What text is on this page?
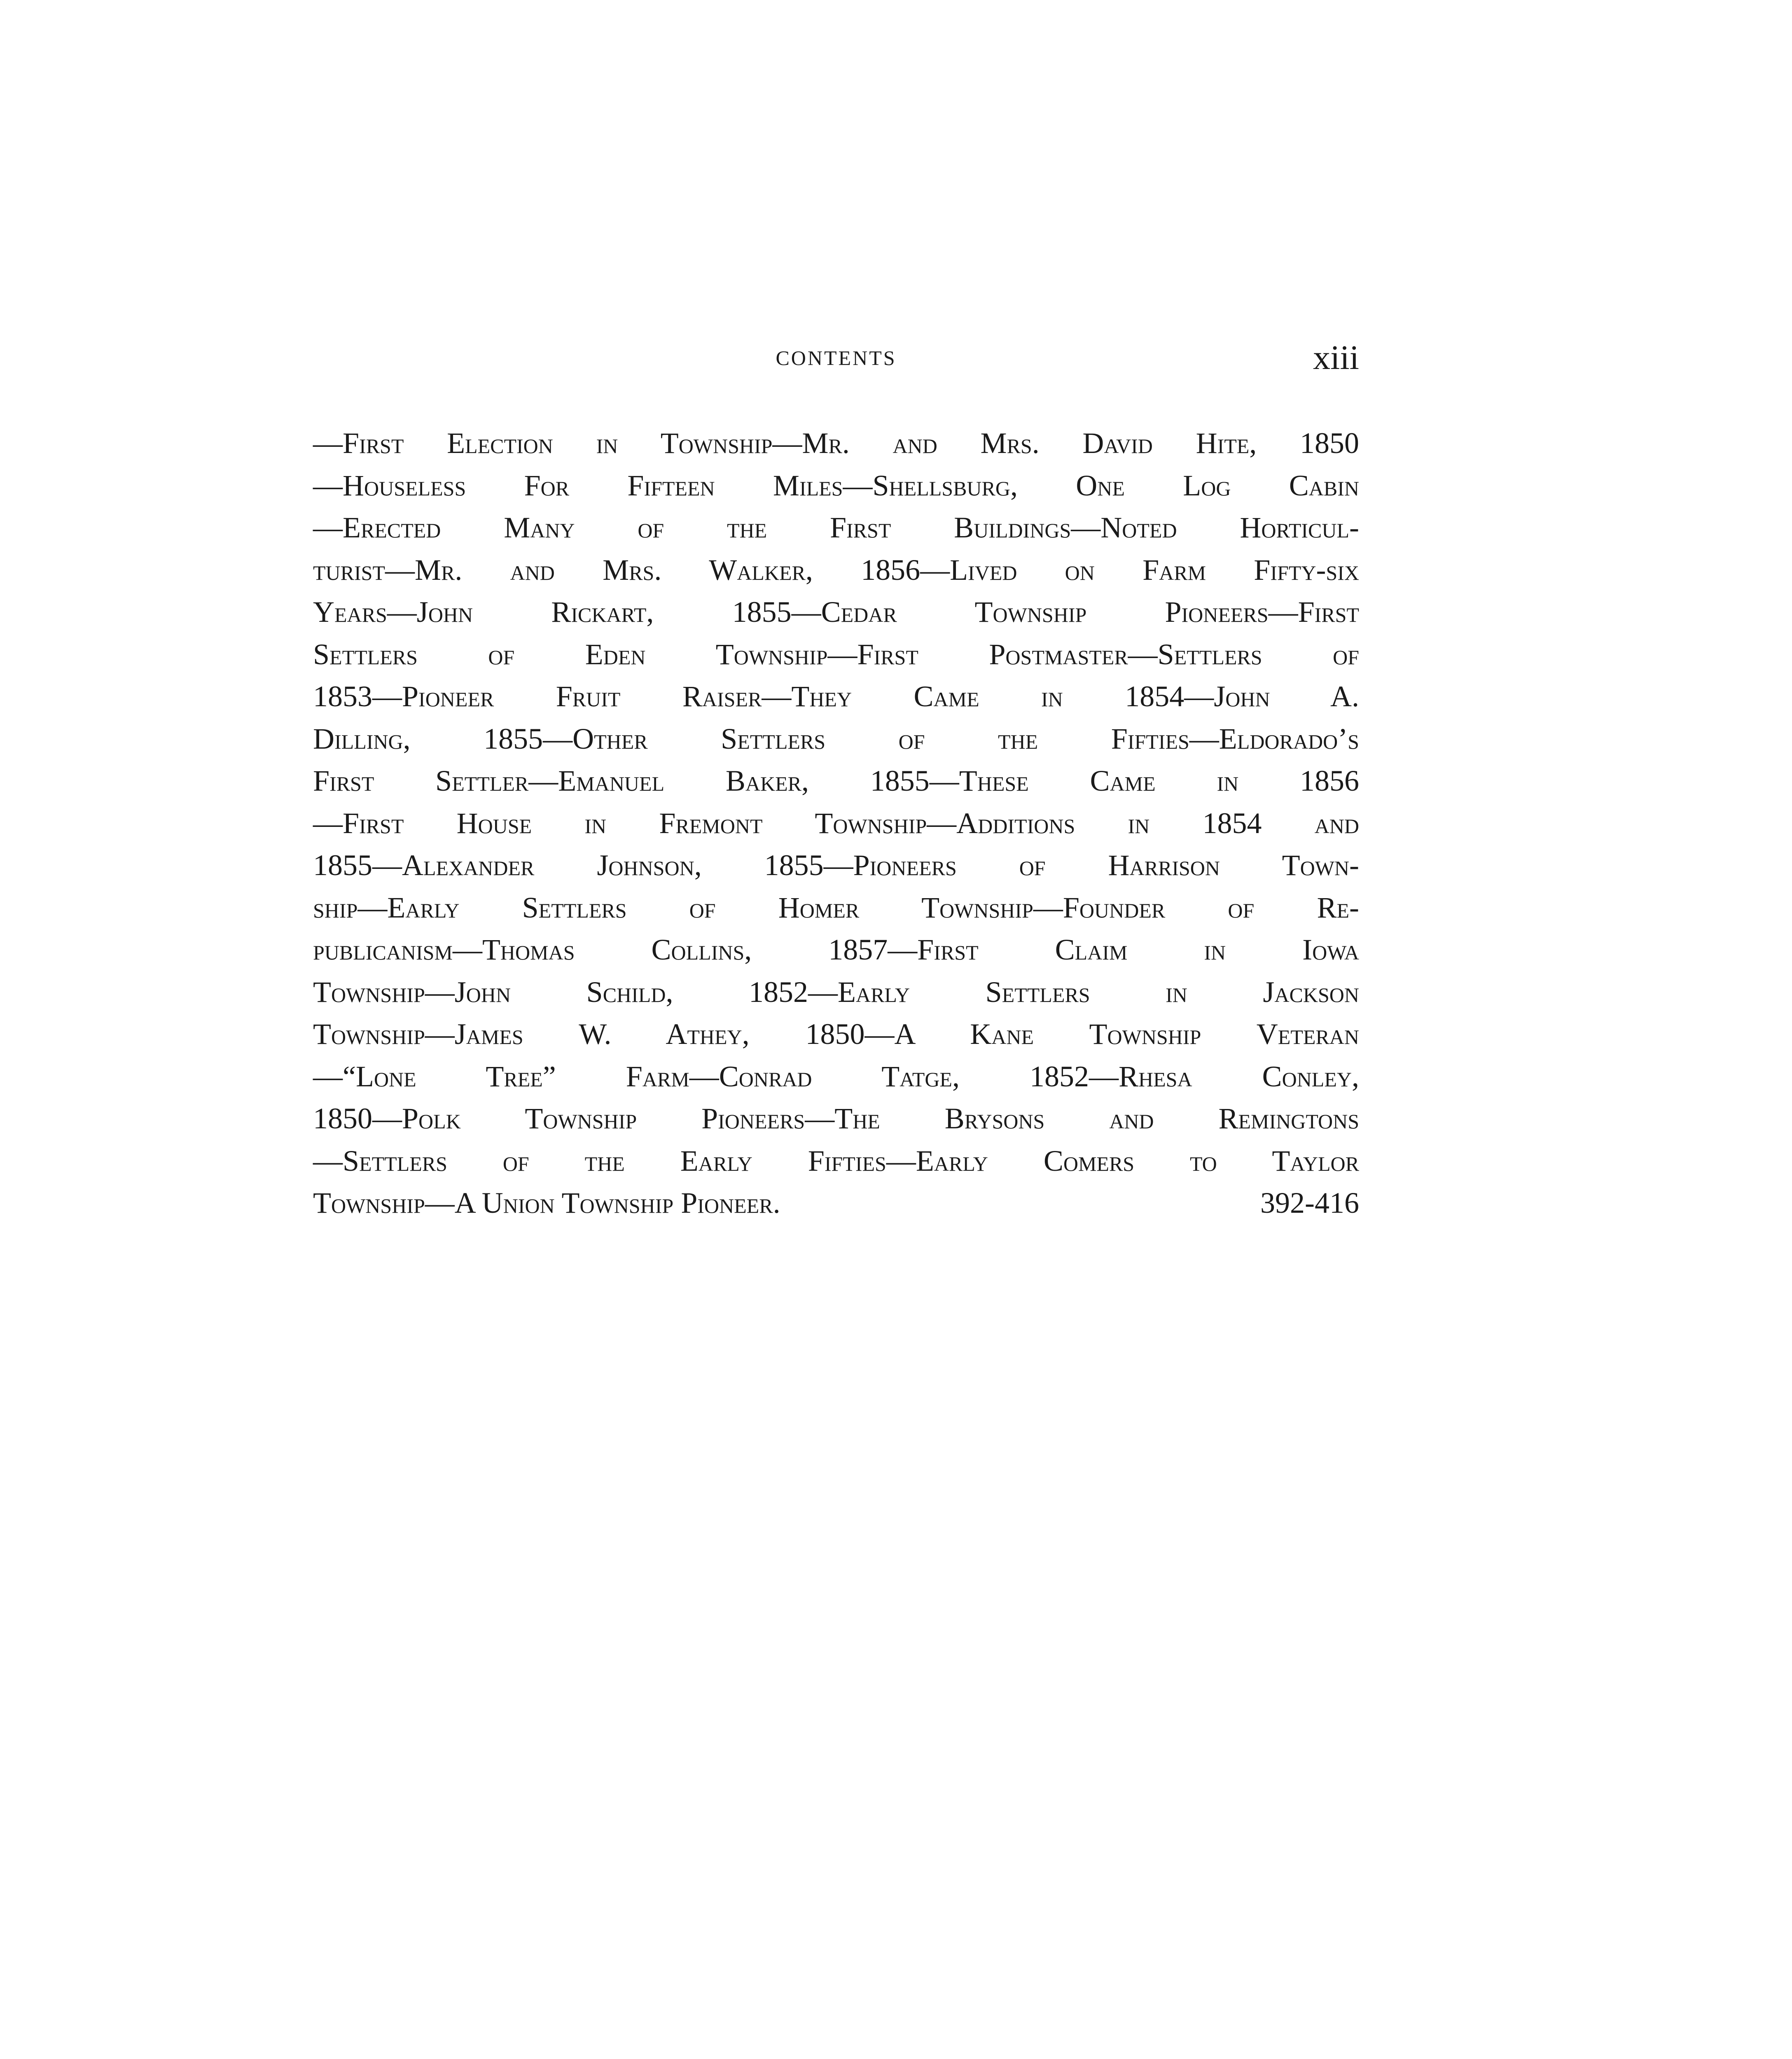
CONTENTS	xiii
—First Election in Township—Mr. and Mrs. David Hite, 1850
—Houseless For Fifteen Miles—Shellsburg, One Log Cabin
—Erected Many of the First Buildings—Noted Horticul-
turist—Mr. and Mrs. Walker, 1856—Lived on Farm Fifty-six
Years—John Rickart, 1855—Cedar Township Pioneers—First
Settlers of Eden Township—First Postmaster—Settlers of
1853—Pioneer Fruit Raiser—They Came in 1854—John A.
Dilling, 1855—Other Settlers of the Fifties—Eldorado’s
First Settler—Emanuel Baker, 1855—These Came in 1856
—First House in Fremont Township—Additions in 1854 and
1855—Alexander Johnson, 1855—Pioneers of Harrison Town-
ship—Early Settlers of Homer Township—Founder of Re-
publicanism—Thomas Collins, 1857—First Claim in Iowa
Township—John Schild, 1852—Early Settlers in Jackson
Township—James W. Athey, 1850—A Kane Township Veteran
—“Lone Tree” Farm—Conrad Tatge, 1852—Rhesa Conley,
1850—Polk Township Pioneers—The Brysons and Remingtons
—Settlers of the Early Fifties—Early Comers to Taylor
Township—A Union Township Pioneer.	392-416
